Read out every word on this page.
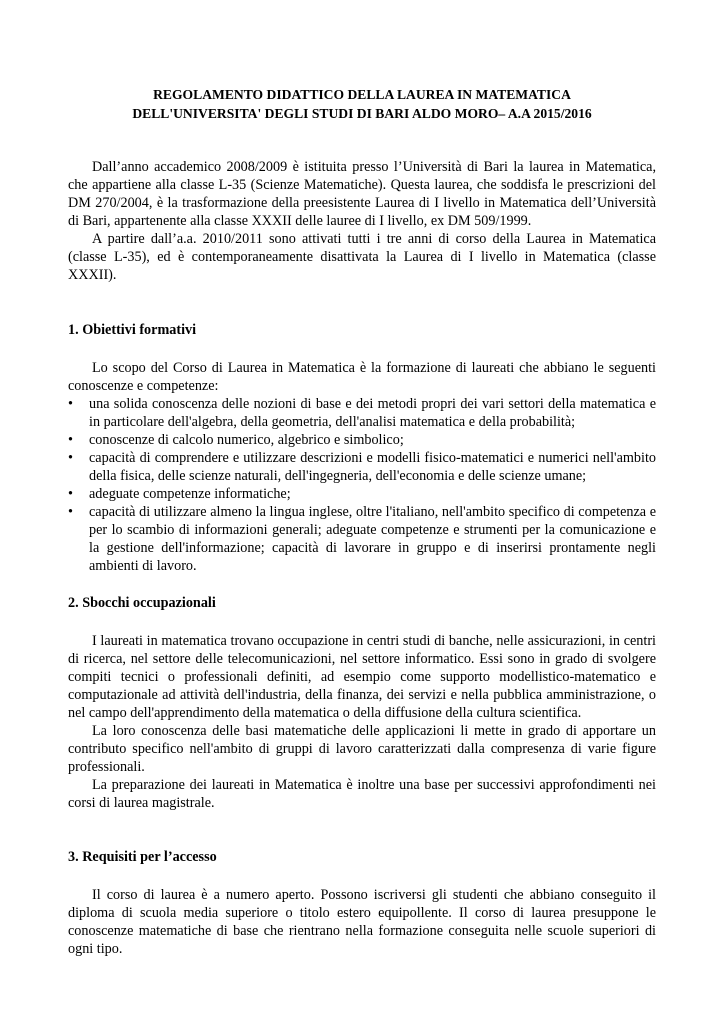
REGOLAMENTO DIDATTICO DELLA LAUREA IN MATEMATICA
DELL'UNIVERSITA' DEGLI STUDI DI BARI ALDO MORO– A.A 2015/2016

Dall’anno accademico 2008/2009 è istituita presso l’Università di Bari la laurea in Matematica, che appartiene alla classe L-35 (Scienze Matematiche). Questa laurea, che soddisfa le prescrizioni del DM 270/2004, è la trasformazione della preesistente Laurea di I livello in Matematica dell’Università di Bari, appartenente alla classe XXXII delle lauree di I livello, ex DM 509/1999.

A partire dall’a.a. 2010/2011 sono attivati tutti i tre anni di corso della Laurea in Matematica (classe L-35), ed è contemporaneamente disattivata la Laurea di I livello in Matematica (classe XXXII).

1. Obiettivi formativi

Lo scopo del Corso di Laurea in Matematica è la formazione di laureati che abbiano le seguenti conoscenze e competenze:

• una solida conoscenza delle nozioni di base e dei metodi propri dei vari settori della matematica e in particolare dell'algebra, della geometria, dell'analisi matematica e della probabilità;
• conoscenze di calcolo numerico, algebrico e simbolico;
• capacità di comprendere e utilizzare descrizioni e modelli fisico-matematici e numerici nell'ambito della fisica, delle scienze naturali, dell'ingegneria, dell'economia e delle scienze umane;
• adeguate competenze informatiche;
• capacità di utilizzare almeno la lingua inglese, oltre l'italiano, nell'ambito specifico di competenza e per lo scambio di informazioni generali; adeguate competenze e strumenti per la comunicazione e la gestione dell'informazione; capacità di lavorare in gruppo e di inserirsi prontamente negli ambienti di lavoro.
2. Sbocchi occupazionali

I laureati in matematica trovano occupazione in centri studi di banche, nelle assicurazioni, in centri di ricerca, nel settore delle telecomunicazioni, nel settore informatico. Essi sono in grado di svolgere compiti tecnici o professionali definiti, ad esempio come supporto modellistico-matematico e computazionale ad attività dell'industria, della finanza, dei servizi e nella pubblica amministrazione, o nel campo dell'apprendimento della matematica o della diffusione della cultura scientifica.

La loro conoscenza delle basi matematiche delle applicazioni li mette in grado di apportare un contributo specifico nell'ambito di gruppi di lavoro caratterizzati dalla compresenza di varie figure professionali.

La preparazione dei laureati in Matematica è inoltre una base per successivi approfondimenti nei corsi di laurea magistrale.

3. Requisiti per l’accesso

Il corso di laurea è a numero aperto. Possono iscriversi gli studenti che abbiano conseguito il diploma di scuola media superiore o titolo estero equipollente. Il corso di laurea presuppone le conoscenze matematiche di base che rientrano nella formazione conseguita nelle scuole superiori di ogni tipo.
